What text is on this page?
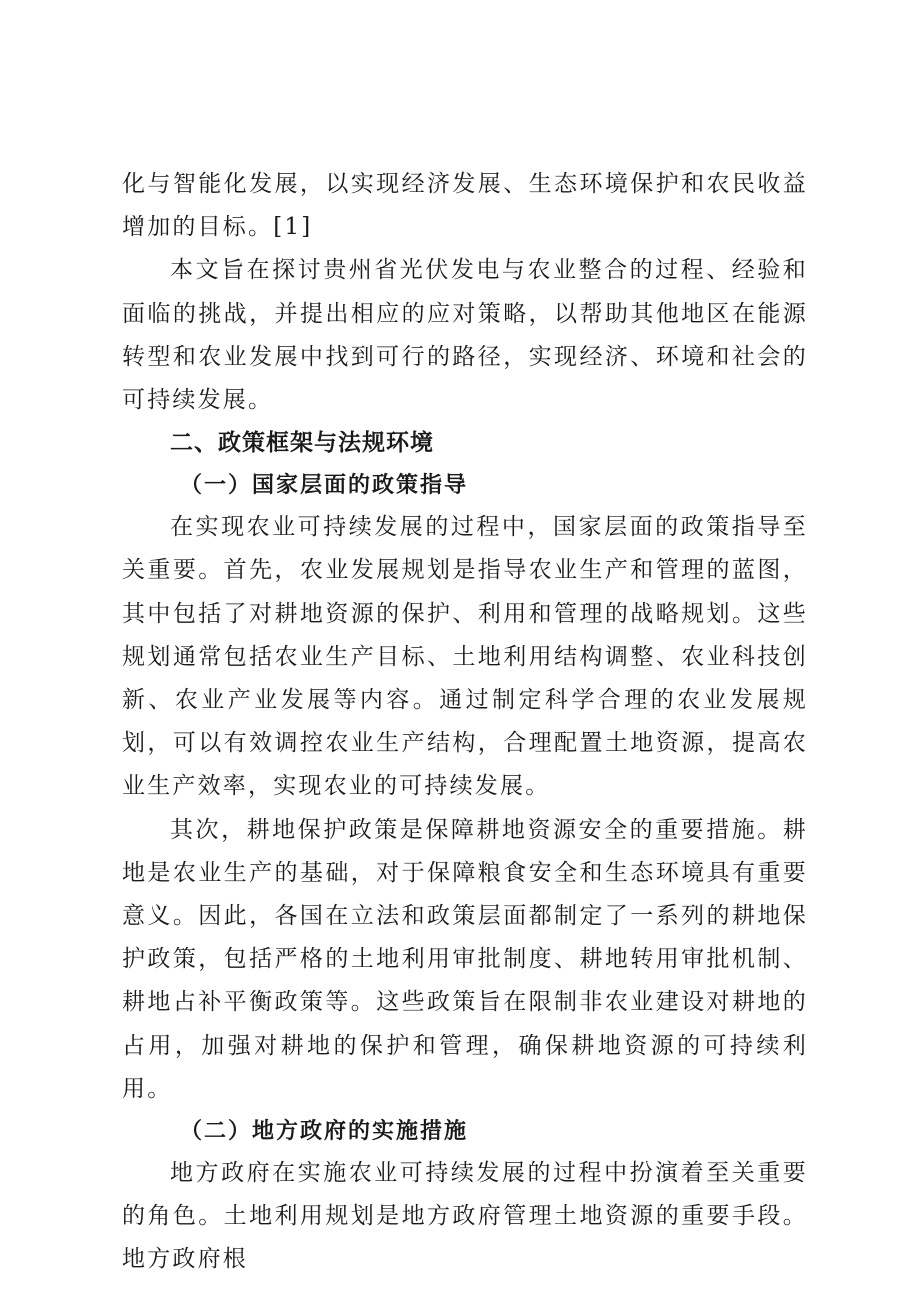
化与智能化发展，以实现经济发展、生态环境保护和农民收益增加的目标。[1]

本文旨在探讨贵州省光伏发电与农业整合的过程、经验和面临的挑战，并提出相应的应对策略，以帮助其他地区在能源转型和农业发展中找到可行的路径，实现经济、环境和社会的可持续发展。

二、政策框架与法规环境
（一）国家层面的政策指导

在实现农业可持续发展的过程中，国家层面的政策指导至关重要。首先，农业发展规划是指导农业生产和管理的蓝图，其中包括了对耕地资源的保护、利用和管理的战略规划。这些规划通常包括农业生产目标、土地利用结构调整、农业科技创新、农业产业发展等内容。通过制定科学合理的农业发展规划，可以有效调控农业生产结构，合理配置土地资源，提高农业生产效率，实现农业的可持续发展。

其次，耕地保护政策是保障耕地资源安全的重要措施。耕地是农业生产的基础，对于保障粮食安全和生态环境具有重要意义。因此，各国在立法和政策层面都制定了一系列的耕地保护政策，包括严格的土地利用审批制度、耕地转用审批机制、耕地占补平衡政策等。这些政策旨在限制非农业建设对耕地的占用，加强对耕地的保护和管理，确保耕地资源的可持续利用。

（二）地方政府的实施措施

地方政府在实施农业可持续发展的过程中扮演着至关重要的角色。土地利用规划是地方政府管理土地资源的重要手段。地方政府根
